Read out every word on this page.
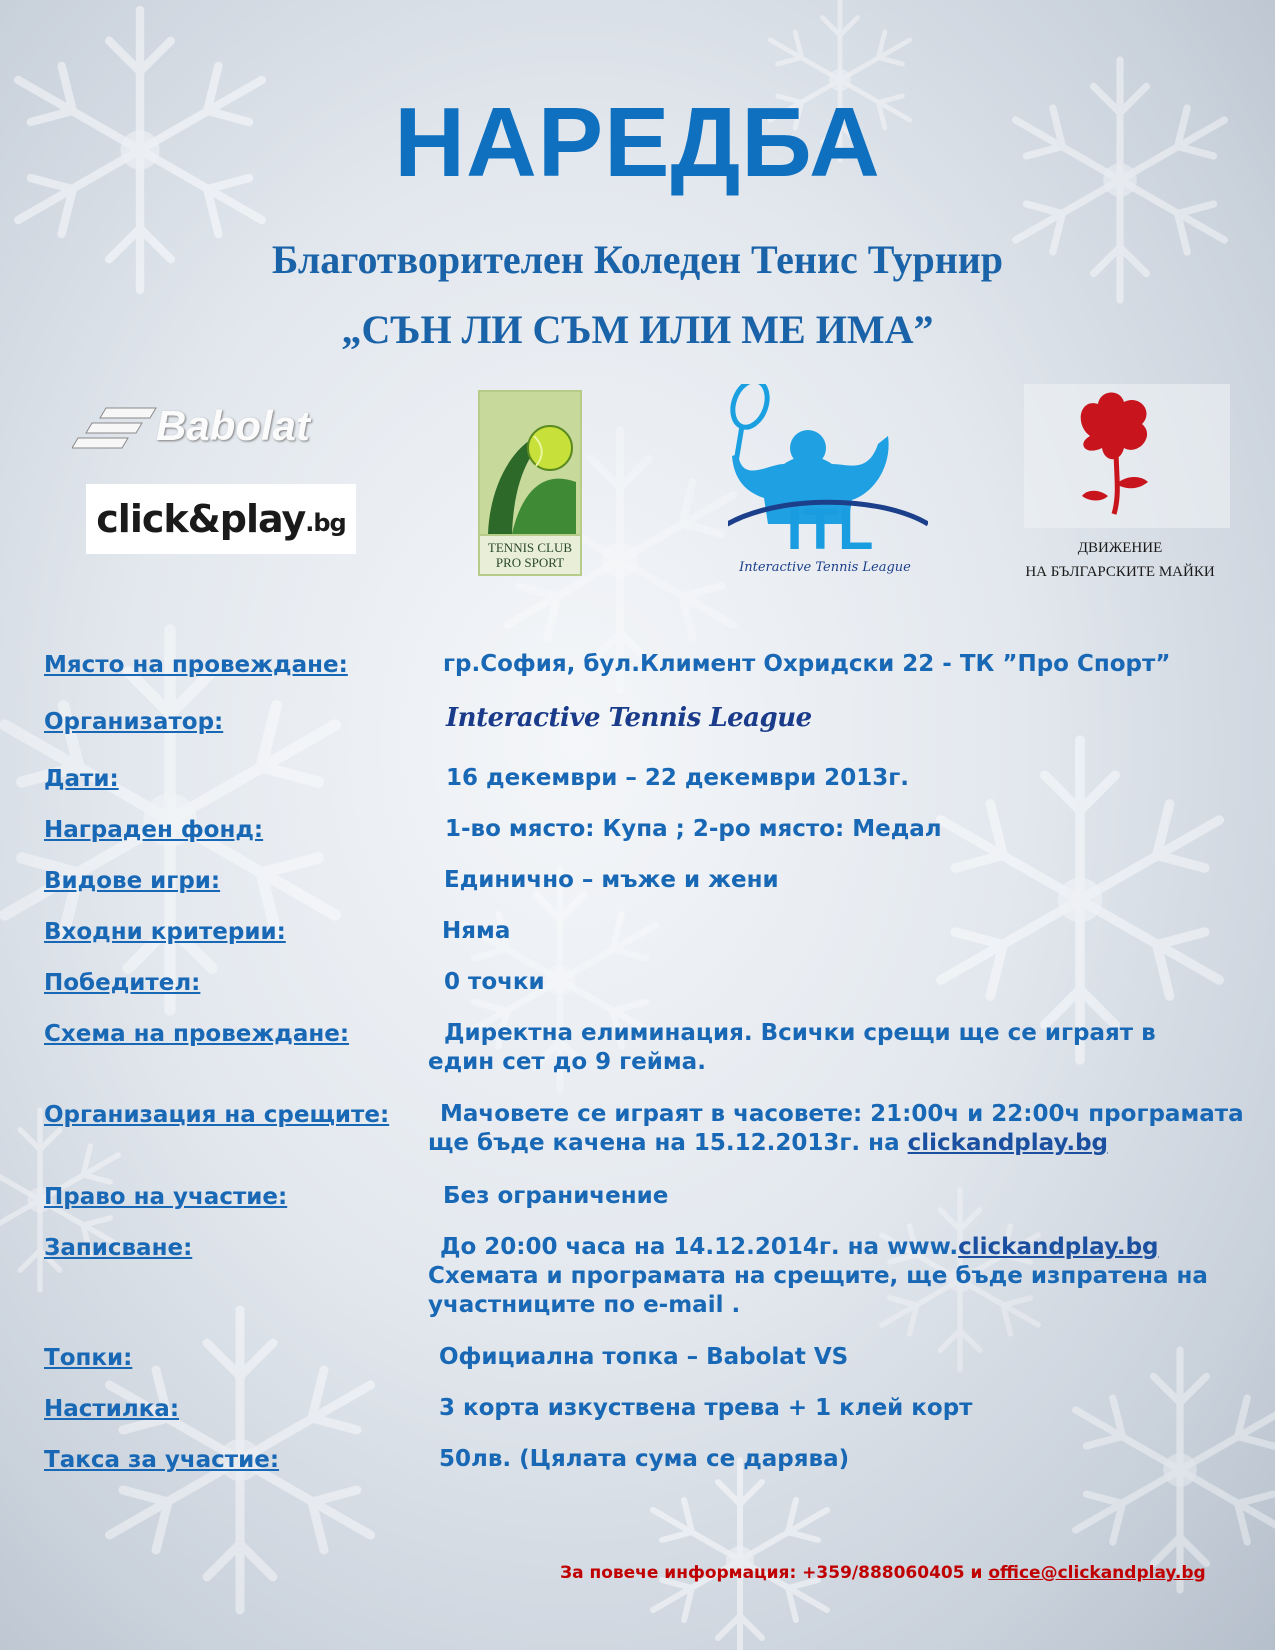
НАРЕДБА
Благотворителен Коледен Тенис Турнир
„СЪН ЛИ СЪМ ИЛИ МЕ ИМА”
Babolat
click&play .bg
TENNIS CLUB
PRO SPORT
ITL
Interactive Tennis League
ДВИЖЕНИЕ
НА БЪЛГАРСКИТЕ МАЙКИ
Място на провеждане:	гр.София, бул.Климент Охридски 22 - ТК ”Про Спорт”
Организатор:	Interactive Tennis League
Дати:	16 декември – 22 декември 2013г.
Награден фонд:	1-во място: Купа ; 2-ро място: Медал
Видове игри:	Единично – мъже и жени
Входни критерии:	Няма
Победител:	0 точки
Схема на провеждане:	Директна елиминация. Всички срещи ще се играят в
един сет до 9 гейма.
Организация на срещите:	Мачовете се играят в часовете: 21:00ч и 22:00ч програмата
ще бъде качена на 15.12.2013г. на clickandplay.bg
Право на участие:	Без ограничение
Записване:	До 20:00 часа на 14.12.2014г. на www.clickandplay.bg
Схемата и програмата на срещите, ще бъде изпратена на
участниците по e-mail .
Топки:	Официална топка – Babolat VS
Настилка:	3 корта изкуствена трева + 1 клей корт
Такса за участие:	50лв. (Цялата сума се дарява)
За повече информация: +359/888060405 и office@clickandplay.bg
